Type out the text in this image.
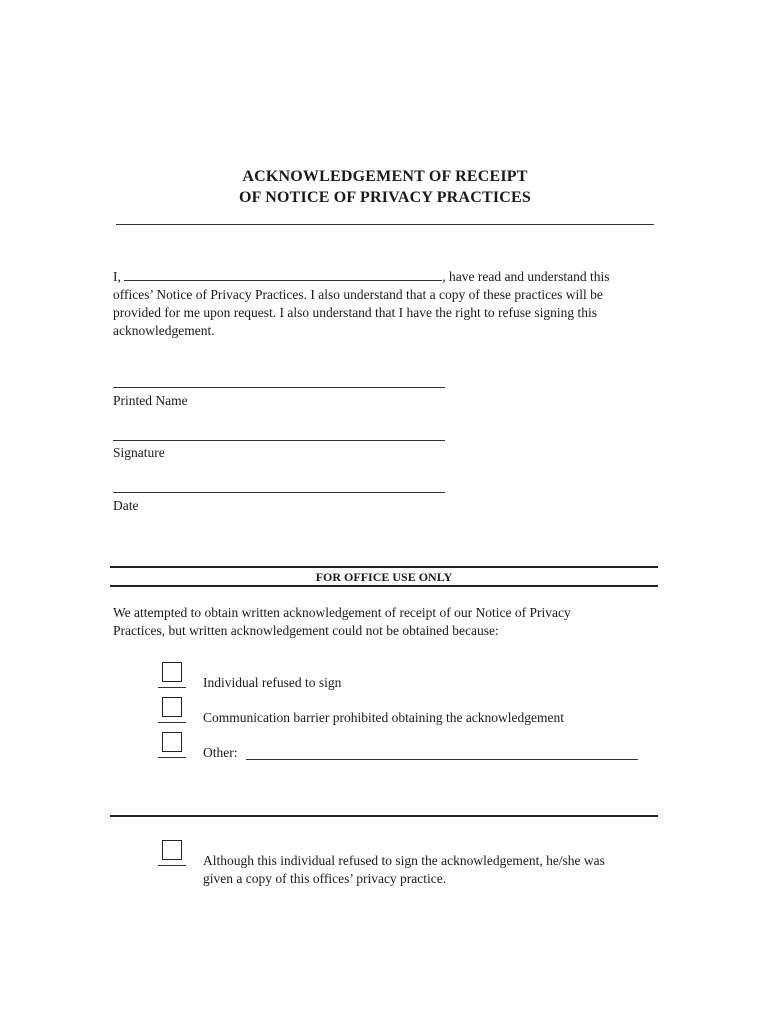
ACKNOWLEDGEMENT OF RECEIPT
OF NOTICE OF PRIVACY PRACTICES
I,	, have read and understand this
offices’ Notice of Privacy Practices. I also understand that a copy of these practices will be
provided for me upon request. I also understand that I have the right to refuse signing this
acknowledgement.
Printed Name
Signature
Date
FOR OFFICE USE ONLY
We attempted to obtain written acknowledgement of receipt of our Notice of Privacy
Practices, but written acknowledgement could not be obtained because:
Individual refused to sign
Communication barrier prohibited obtaining the acknowledgement
Other:
Although this individual refused to sign the acknowledgement, he/she was
given a copy of this offices’ privacy practice.
